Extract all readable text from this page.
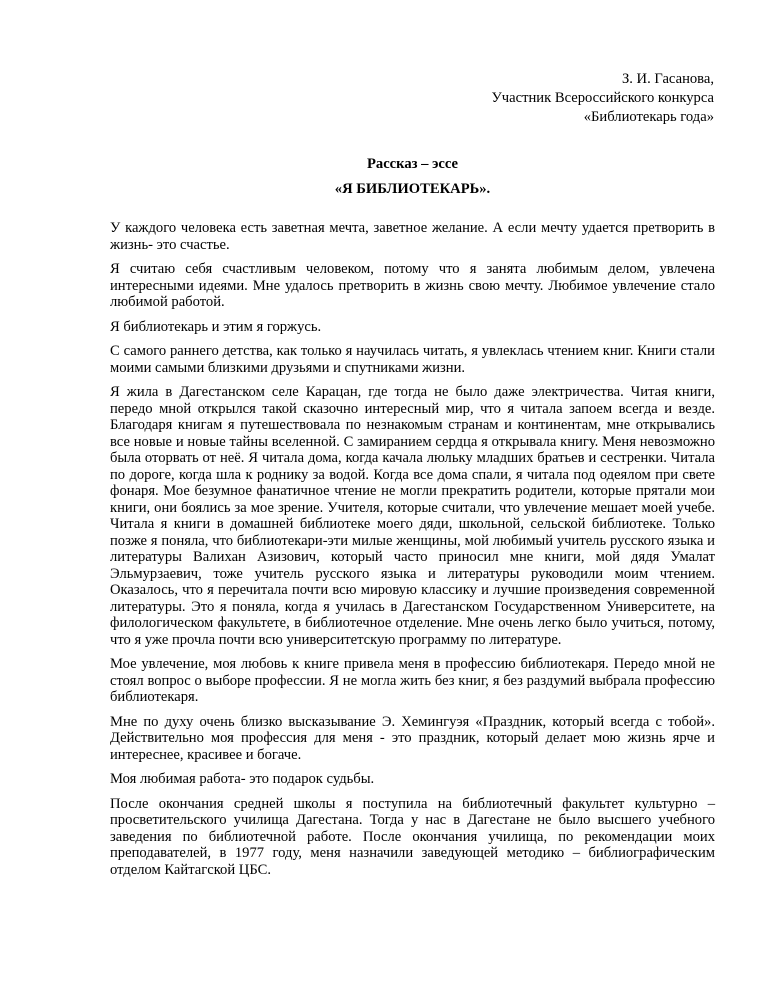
З. И. Гасанова,
Участник Всероссийского конкурса
«Библиотекарь года»
Рассказ – эссе
«Я БИБЛИОТЕКАРЬ».

У каждого человека есть заветная мечта, заветное желание. А если мечту удается претворить в жизнь- это счастье.

Я считаю себя счастливым человеком, потому что я занята любимым делом, увлечена интересными идеями. Мне удалось претворить в жизнь свою мечту. Любимое увлечение стало любимой работой.

Я библиотекарь и этим я горжусь.

С самого раннего детства, как только я научилась читать, я увлеклась чтением книг. Книги стали моими самыми близкими друзьями и спутниками жизни.

Я жила в Дагестанском селе Карацан, где тогда не было даже электричества. Читая книги, передо мной открылся такой сказочно интересный мир, что я читала запоем всегда и везде. Благодаря книгам я путешествовала по незнакомым странам и континентам, мне открывались все новые и новые тайны вселенной. С замиранием сердца я открывала книгу. Меня невозможно была оторвать от неё. Я читала дома, когда качала люльку младших братьев и сестренки. Читала по дороге, когда шла к роднику за водой. Когда все дома спали, я читала под одеялом при свете фонаря. Мое безумное фанатичное чтение не могли прекратить родители, которые прятали мои книги, они боялись за мое зрение. Учителя, которые считали, что увлечение мешает моей учебе. Читала я книги в домашней библиотеке моего дяди, школьной, сельской библиотеке. Только позже я поняла, что библиотекари-эти милые женщины, мой любимый учитель русского языка и литературы Валихан Азизович, который часто приносил мне книги, мой дядя Умалат Эльмурзаевич, тоже учитель русского языка и литературы руководили моим чтением. Оказалось, что я перечитала почти всю мировую классику и лучшие произведения современной литературы. Это я поняла, когда я училась в Дагестанском Государственном Университете, на филологическом факультете, в библиотечное отделение. Мне очень легко было учиться, потому, что я уже прочла почти всю университетскую программу по литературе.

Мое увлечение, моя любовь к книге привела меня в профессию библиотекаря. Передо мной не стоял вопрос о выборе профессии. Я не могла жить без книг, я без раздумий выбрала профессию библиотекаря.

Мне по духу очень близко высказывание Э. Хемингуэя «Праздник, который всегда с тобой». Действительно моя профессия для меня - это праздник, который делает мою жизнь ярче и интереснее, красивее и богаче.

Моя любимая работа- это подарок судьбы.

После окончания средней школы я поступила на библиотечный факультет культурно – просветительского училища Дагестана. Тогда у нас в Дагестане не было высшего учебного заведения по библиотечной работе. После окончания училища, по рекомендации моих преподавателей, в 1977 году, меня назначили заведующей методико – библиографическим отделом Кайтагской ЦБС.
